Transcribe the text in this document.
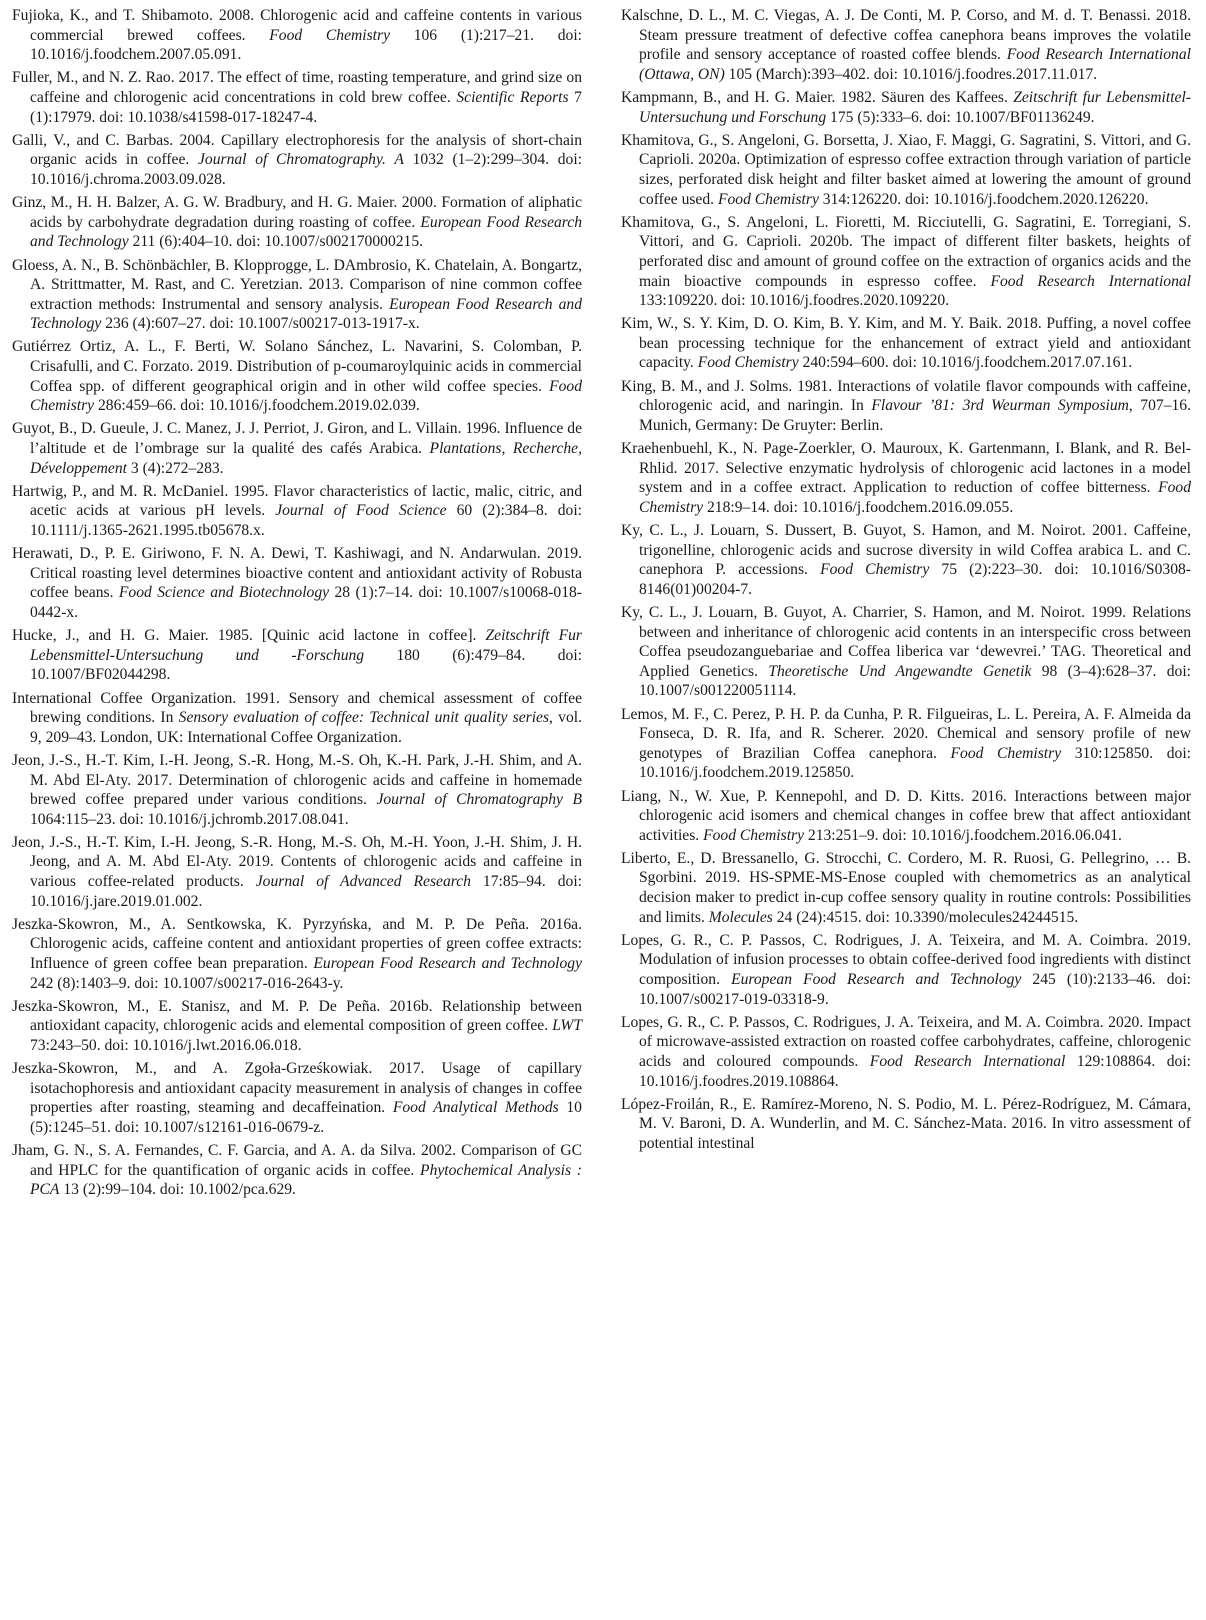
Fujioka, K., and T. Shibamoto. 2008. Chlorogenic acid and caffeine contents in various commercial brewed coffees. Food Chemistry 106 (1):217–21. doi: 10.1016/j.foodchem.2007.05.091.

Fuller, M., and N. Z. Rao. 2017. The effect of time, roasting temperature, and grind size on caffeine and chlorogenic acid concentrations in cold brew coffee. Scientific Reports 7 (1):17979. doi: 10.1038/s41598-017-18247-4.

Galli, V., and C. Barbas. 2004. Capillary electrophoresis for the analysis of short-chain organic acids in coffee. Journal of Chromatography. A 1032 (1–2):299–304. doi: 10.1016/j.chroma.2003.09.028.

Ginz, M., H. H. Balzer, A. G. W. Bradbury, and H. G. Maier. 2000. Formation of aliphatic acids by carbohydrate degradation during roasting of coffee. European Food Research and Technology 211 (6):404–10. doi: 10.1007/s002170000215.

Gloess, A. N., B. Schönbächler, B. Klopprogge, L. DAmbrosio, K. Chatelain, A. Bongartz, A. Strittmatter, M. Rast, and C. Yeretzian. 2013. Comparison of nine common coffee extraction methods: Instrumental and sensory analysis. European Food Research and Technology 236 (4):607–27. doi: 10.1007/s00217-013-1917-x.

Gutiérrez Ortiz, A. L., F. Berti, W. Solano Sánchez, L. Navarini, S. Colomban, P. Crisafulli, and C. Forzato. 2019. Distribution of p-coumaroylquinic acids in commercial Coffea spp. of different geographical origin and in other wild coffee species. Food Chemistry 286:459–66. doi: 10.1016/j.foodchem.2019.02.039.

Guyot, B., D. Gueule, J. C. Manez, J. J. Perriot, J. Giron, and L. Villain. 1996. Influence de l’altitude et de l’ombrage sur la qualité des cafés Arabica. Plantations, Recherche, Développement 3 (4):272–283.

Hartwig, P., and M. R. McDaniel. 1995. Flavor characteristics of lactic, malic, citric, and acetic acids at various pH levels. Journal of Food Science 60 (2):384–8. doi: 10.1111/j.1365-2621.1995.tb05678.x.

Herawati, D., P. E. Giriwono, F. N. A. Dewi, T. Kashiwagi, and N. Andarwulan. 2019. Critical roasting level determines bioactive content and antioxidant activity of Robusta coffee beans. Food Science and Biotechnology 28 (1):7–14. doi: 10.1007/s10068-018-0442-x.

Hucke, J., and H. G. Maier. 1985. [Quinic acid lactone in coffee]. Zeitschrift Fur Lebensmittel-Untersuchung und -Forschung 180 (6):479–84. doi: 10.1007/BF02044298.

International Coffee Organization. 1991. Sensory and chemical assessment of coffee brewing conditions. In Sensory evaluation of coffee: Technical unit quality series, vol. 9, 209–43. London, UK: International Coffee Organization.

Jeon, J.-S., H.-T. Kim, I.-H. Jeong, S.-R. Hong, M.-S. Oh, K.-H. Park, J.-H. Shim, and A. M. Abd El-Aty. 2017. Determination of chlorogenic acids and caffeine in homemade brewed coffee prepared under various conditions. Journal of Chromatography B 1064:115–23. doi: 10.1016/j.jchromb.2017.08.041.

Jeon, J.-S., H.-T. Kim, I.-H. Jeong, S.-R. Hong, M.-S. Oh, M.-H. Yoon, J.-H. Shim, J. H. Jeong, and A. M. Abd El-Aty. 2019. Contents of chlorogenic acids and caffeine in various coffee-related products. Journal of Advanced Research 17:85–94. doi: 10.1016/j.jare.2019.01.002.

Jeszka-Skowron, M., A. Sentkowska, K. Pyrzyńska, and M. P. De Peña. 2016a. Chlorogenic acids, caffeine content and antioxidant properties of green coffee extracts: Influence of green coffee bean preparation. European Food Research and Technology 242 (8):1403–9. doi: 10.1007/s00217-016-2643-y.

Jeszka-Skowron, M., E. Stanisz, and M. P. De Peña. 2016b. Relationship between antioxidant capacity, chlorogenic acids and elemental composition of green coffee. LWT 73:243–50. doi: 10.1016/j.lwt.2016.06.018.

Jeszka-Skowron, M., and A. Zgoła-Grześkowiak. 2017. Usage of capillary isotachophoresis and antioxidant capacity measurement in analysis of changes in coffee properties after roasting, steaming and decaffeination. Food Analytical Methods 10 (5):1245–51. doi: 10.1007/s12161-016-0679-z.

Jham, G. N., S. A. Fernandes, C. F. Garcia, and A. A. da Silva. 2002. Comparison of GC and HPLC for the quantification of organic acids in coffee. Phytochemical Analysis : PCA 13 (2):99–104. doi: 10.1002/pca.629.

Kalschne, D. L., M. C. Viegas, A. J. De Conti, M. P. Corso, and M. d. T. Benassi. 2018. Steam pressure treatment of defective coffea canephora beans improves the volatile profile and sensory acceptance of roasted coffee blends. Food Research International (Ottawa, ON) 105 (March):393–402. doi: 10.1016/j.foodres.2017.11.017.

Kampmann, B., and H. G. Maier. 1982. Säuren des Kaffees. Zeitschrift fur Lebensmittel-Untersuchung und Forschung 175 (5):333–6. doi: 10.1007/BF01136249.

Khamitova, G., S. Angeloni, G. Borsetta, J. Xiao, F. Maggi, G. Sagratini, S. Vittori, and G. Caprioli. 2020a. Optimization of espresso coffee extraction through variation of particle sizes, perforated disk height and filter basket aimed at lowering the amount of ground coffee used. Food Chemistry 314:126220. doi: 10.1016/j.foodchem.2020.126220.

Khamitova, G., S. Angeloni, L. Fioretti, M. Ricciutelli, G. Sagratini, E. Torregiani, S. Vittori, and G. Caprioli. 2020b. The impact of different filter baskets, heights of perforated disc and amount of ground coffee on the extraction of organics acids and the main bioactive compounds in espresso coffee. Food Research International 133:109220. doi: 10.1016/j.foodres.2020.109220.

Kim, W., S. Y. Kim, D. O. Kim, B. Y. Kim, and M. Y. Baik. 2018. Puffing, a novel coffee bean processing technique for the enhancement of extract yield and antioxidant capacity. Food Chemistry 240:594–600. doi: 10.1016/j.foodchem.2017.07.161.

King, B. M., and J. Solms. 1981. Interactions of volatile flavor compounds with caffeine, chlorogenic acid, and naringin. In Flavour ’81: 3rd Weurman Symposium, 707–16. Munich, Germany: De Gruyter: Berlin.

Kraehenbuehl, K., N. Page-Zoerkler, O. Mauroux, K. Gartenmann, I. Blank, and R. Bel-Rhlid. 2017. Selective enzymatic hydrolysis of chlorogenic acid lactones in a model system and in a coffee extract. Application to reduction of coffee bitterness. Food Chemistry 218:9–14. doi: 10.1016/j.foodchem.2016.09.055.

Ky, C. L., J. Louarn, S. Dussert, B. Guyot, S. Hamon, and M. Noirot. 2001. Caffeine, trigonelline, chlorogenic acids and sucrose diversity in wild Coffea arabica L. and C. canephora P. accessions. Food Chemistry 75 (2):223–30. doi: 10.1016/S0308-8146(01)00204-7.

Ky, C. L., J. Louarn, B. Guyot, A. Charrier, S. Hamon, and M. Noirot. 1999. Relations between and inheritance of chlorogenic acid contents in an interspecific cross between Coffea pseudozanguebariae and Coffea liberica var ‘dewevrei.’ TAG. Theoretical and Applied Genetics. Theoretische Und Angewandte Genetik 98 (3–4):628–37. doi: 10.1007/s001220051114.

Lemos, M. F., C. Perez, P. H. P. da Cunha, P. R. Filgueiras, L. L. Pereira, A. F. Almeida da Fonseca, D. R. Ifa, and R. Scherer. 2020. Chemical and sensory profile of new genotypes of Brazilian Coffea canephora. Food Chemistry 310:125850. doi: 10.1016/j.foodchem.2019.125850.

Liang, N., W. Xue, P. Kennepohl, and D. D. Kitts. 2016. Interactions between major chlorogenic acid isomers and chemical changes in coffee brew that affect antioxidant activities. Food Chemistry 213:251–9. doi: 10.1016/j.foodchem.2016.06.041.

Liberto, E., D. Bressanello, G. Strocchi, C. Cordero, M. R. Ruosi, G. Pellegrino, … B. Sgorbini. 2019. HS-SPME-MS-Enose coupled with chemometrics as an analytical decision maker to predict in-cup coffee sensory quality in routine controls: Possibilities and limits. Molecules 24 (24):4515. doi: 10.3390/molecules24244515.

Lopes, G. R., C. P. Passos, C. Rodrigues, J. A. Teixeira, and M. A. Coimbra. 2019. Modulation of infusion processes to obtain coffee-derived food ingredients with distinct composition. European Food Research and Technology 245 (10):2133–46. doi: 10.1007/s00217-019-03318-9.

Lopes, G. R., C. P. Passos, C. Rodrigues, J. A. Teixeira, and M. A. Coimbra. 2020. Impact of microwave-assisted extraction on roasted coffee carbohydrates, caffeine, chlorogenic acids and coloured compounds. Food Research International 129:108864. doi: 10.1016/j.foodres.2019.108864.

López-Froilán, R., E. Ramírez-Moreno, N. S. Podio, M. L. Pérez-Rodríguez, M. Cámara, M. V. Baroni, D. A. Wunderlin, and M. C. Sánchez-Mata. 2016. In vitro assessment of potential intestinal
